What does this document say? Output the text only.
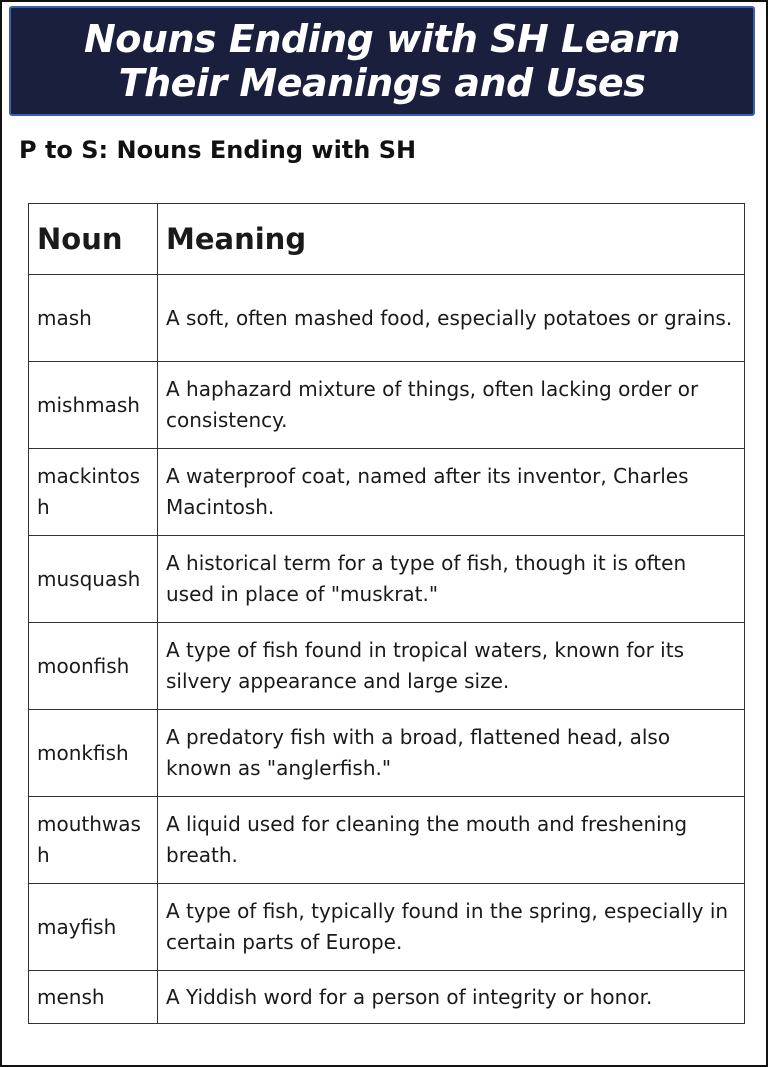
Nouns Ending with SH Learn
Their Meanings and Uses
P to S: Nouns Ending with SH
Noun	Meaning
mash	A soft, often mashed food, especially potatoes or grains.
mishmash	A haphazard mixture of things, often lacking order or consistency.
mackintosh	A waterproof coat, named after its inventor, Charles Macintosh.
musquash	A historical term for a type of fish, though it is often used in place of "muskrat."
moonfish	A type of fish found in tropical waters, known for its silvery appearance and large size.
monkfish	A predatory fish with a broad, flattened head, also known as "anglerfish."
mouthwash	A liquid used for cleaning the mouth and freshening breath.
mayfish	A type of fish, typically found in the spring, especially in certain parts of Europe.
mensh	A Yiddish word for a person of integrity or honor.
